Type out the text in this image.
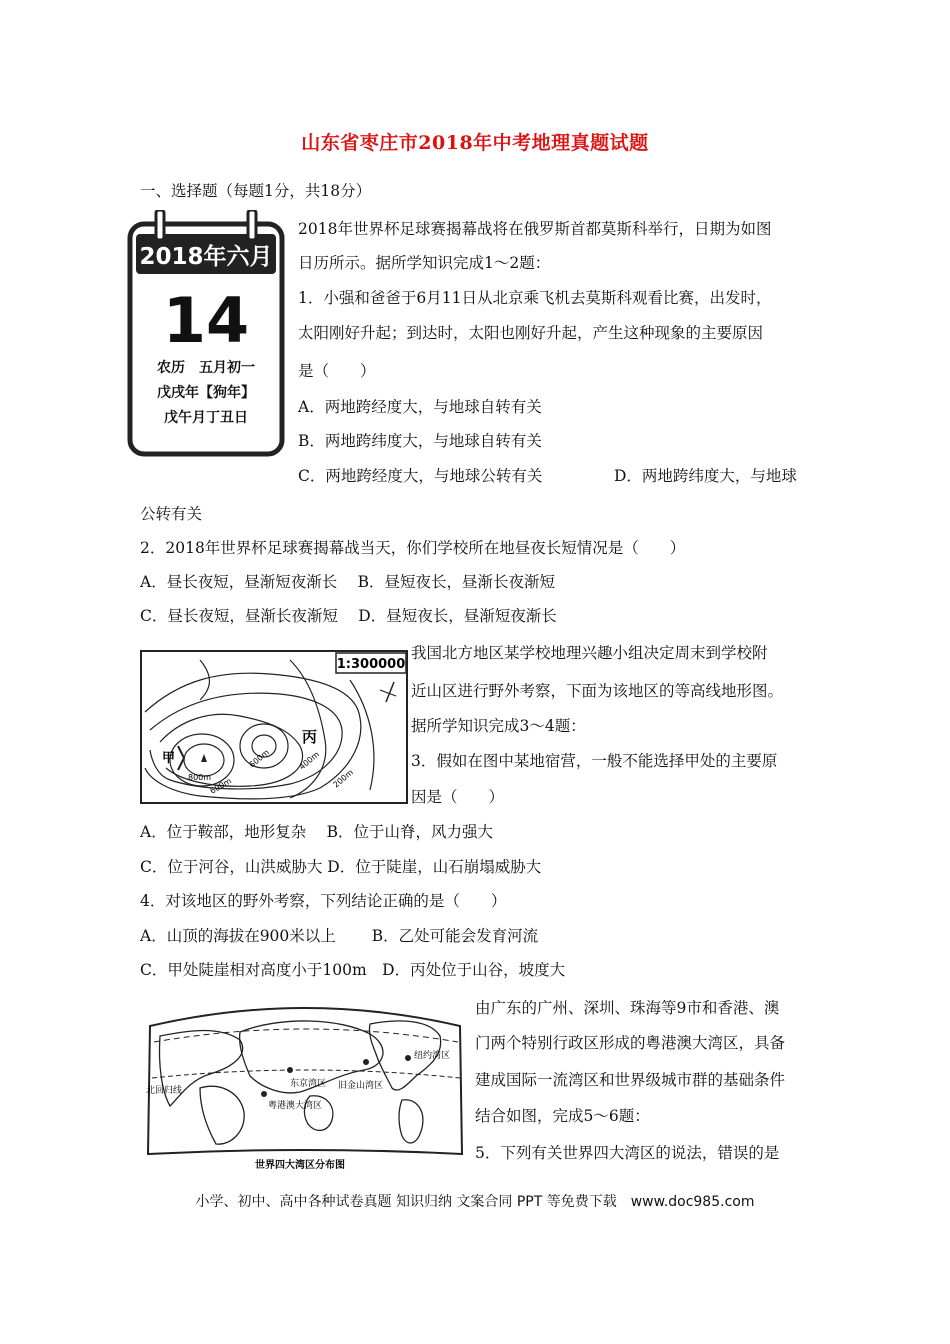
山东省枣庄市2018年中考地理真题试题
一、选择题（每题1分，共18分）
2018年六月
14
农历　五月初一
戊戌年【狗年】
戊午月丁丑日
2018年世界杯足球赛揭幕战将在俄罗斯首都莫斯科举行，日期为如图
日历所示。据所学知识完成1～2题：
1．小强和爸爸于6月11日从北京乘飞机去莫斯科观看比赛，出发时，
太阳刚好升起；到达时，太阳也刚好升起，产生这种现象的主要原因
是（　　）
A．两地跨经度大，与地球自转有关
B．两地跨纬度大，与地球自转有关
C．两地跨经度大，与地球公转有关	D．两地跨纬度大，与地球
公转有关
2．2018年世界杯足球赛揭幕战当天，你们学校所在地昼夜长短情况是（　　）
A．昼长夜短，昼渐短夜渐长　 B．昼短夜长，昼渐长夜渐短
C．昼长夜短，昼渐长夜渐短　 D．昼短夜长，昼渐短夜渐长
1:300000
甲
丙
800m
600m
600m	400m
200m
我国北方地区某学校地理兴趣小组决定周末到学校附
近山区进行野外考察，下面为该地区的等高线地形图。
据所学知识完成3～4题：
3．假如在图中某地宿营，一般不能选择甲处的主要原
因是（　　）
A．位于鞍部，地形复杂　 B．位于山脊，风力强大
C．位于河谷，山洪威胁大 D．位于陡崖，山石崩塌威胁大
4．对该地区的野外考察，下列结论正确的是（　　）
A．山顶的海拔在900米以上　　 B．乙处可能会发育河流
C．甲处陡崖相对高度小于100m　D．丙处位于山谷，坡度大
东京湾区 旧金山湾区
纽约湾区
粤港澳大湾区
北回归线
世界四大湾区分布图
由广东的广州、深圳、珠海等9市和香港、澳
门两个特别行政区形成的粤港澳大湾区，具备
建成国际一流湾区和世界级城市群的基础条件
结合如图，完成5～6题：
5．下列有关世界四大湾区的说法，错误的是
小学、初中、高中各种试卷真题 知识归纳 文案合同 PPT 等免费下载　www.doc985.com
